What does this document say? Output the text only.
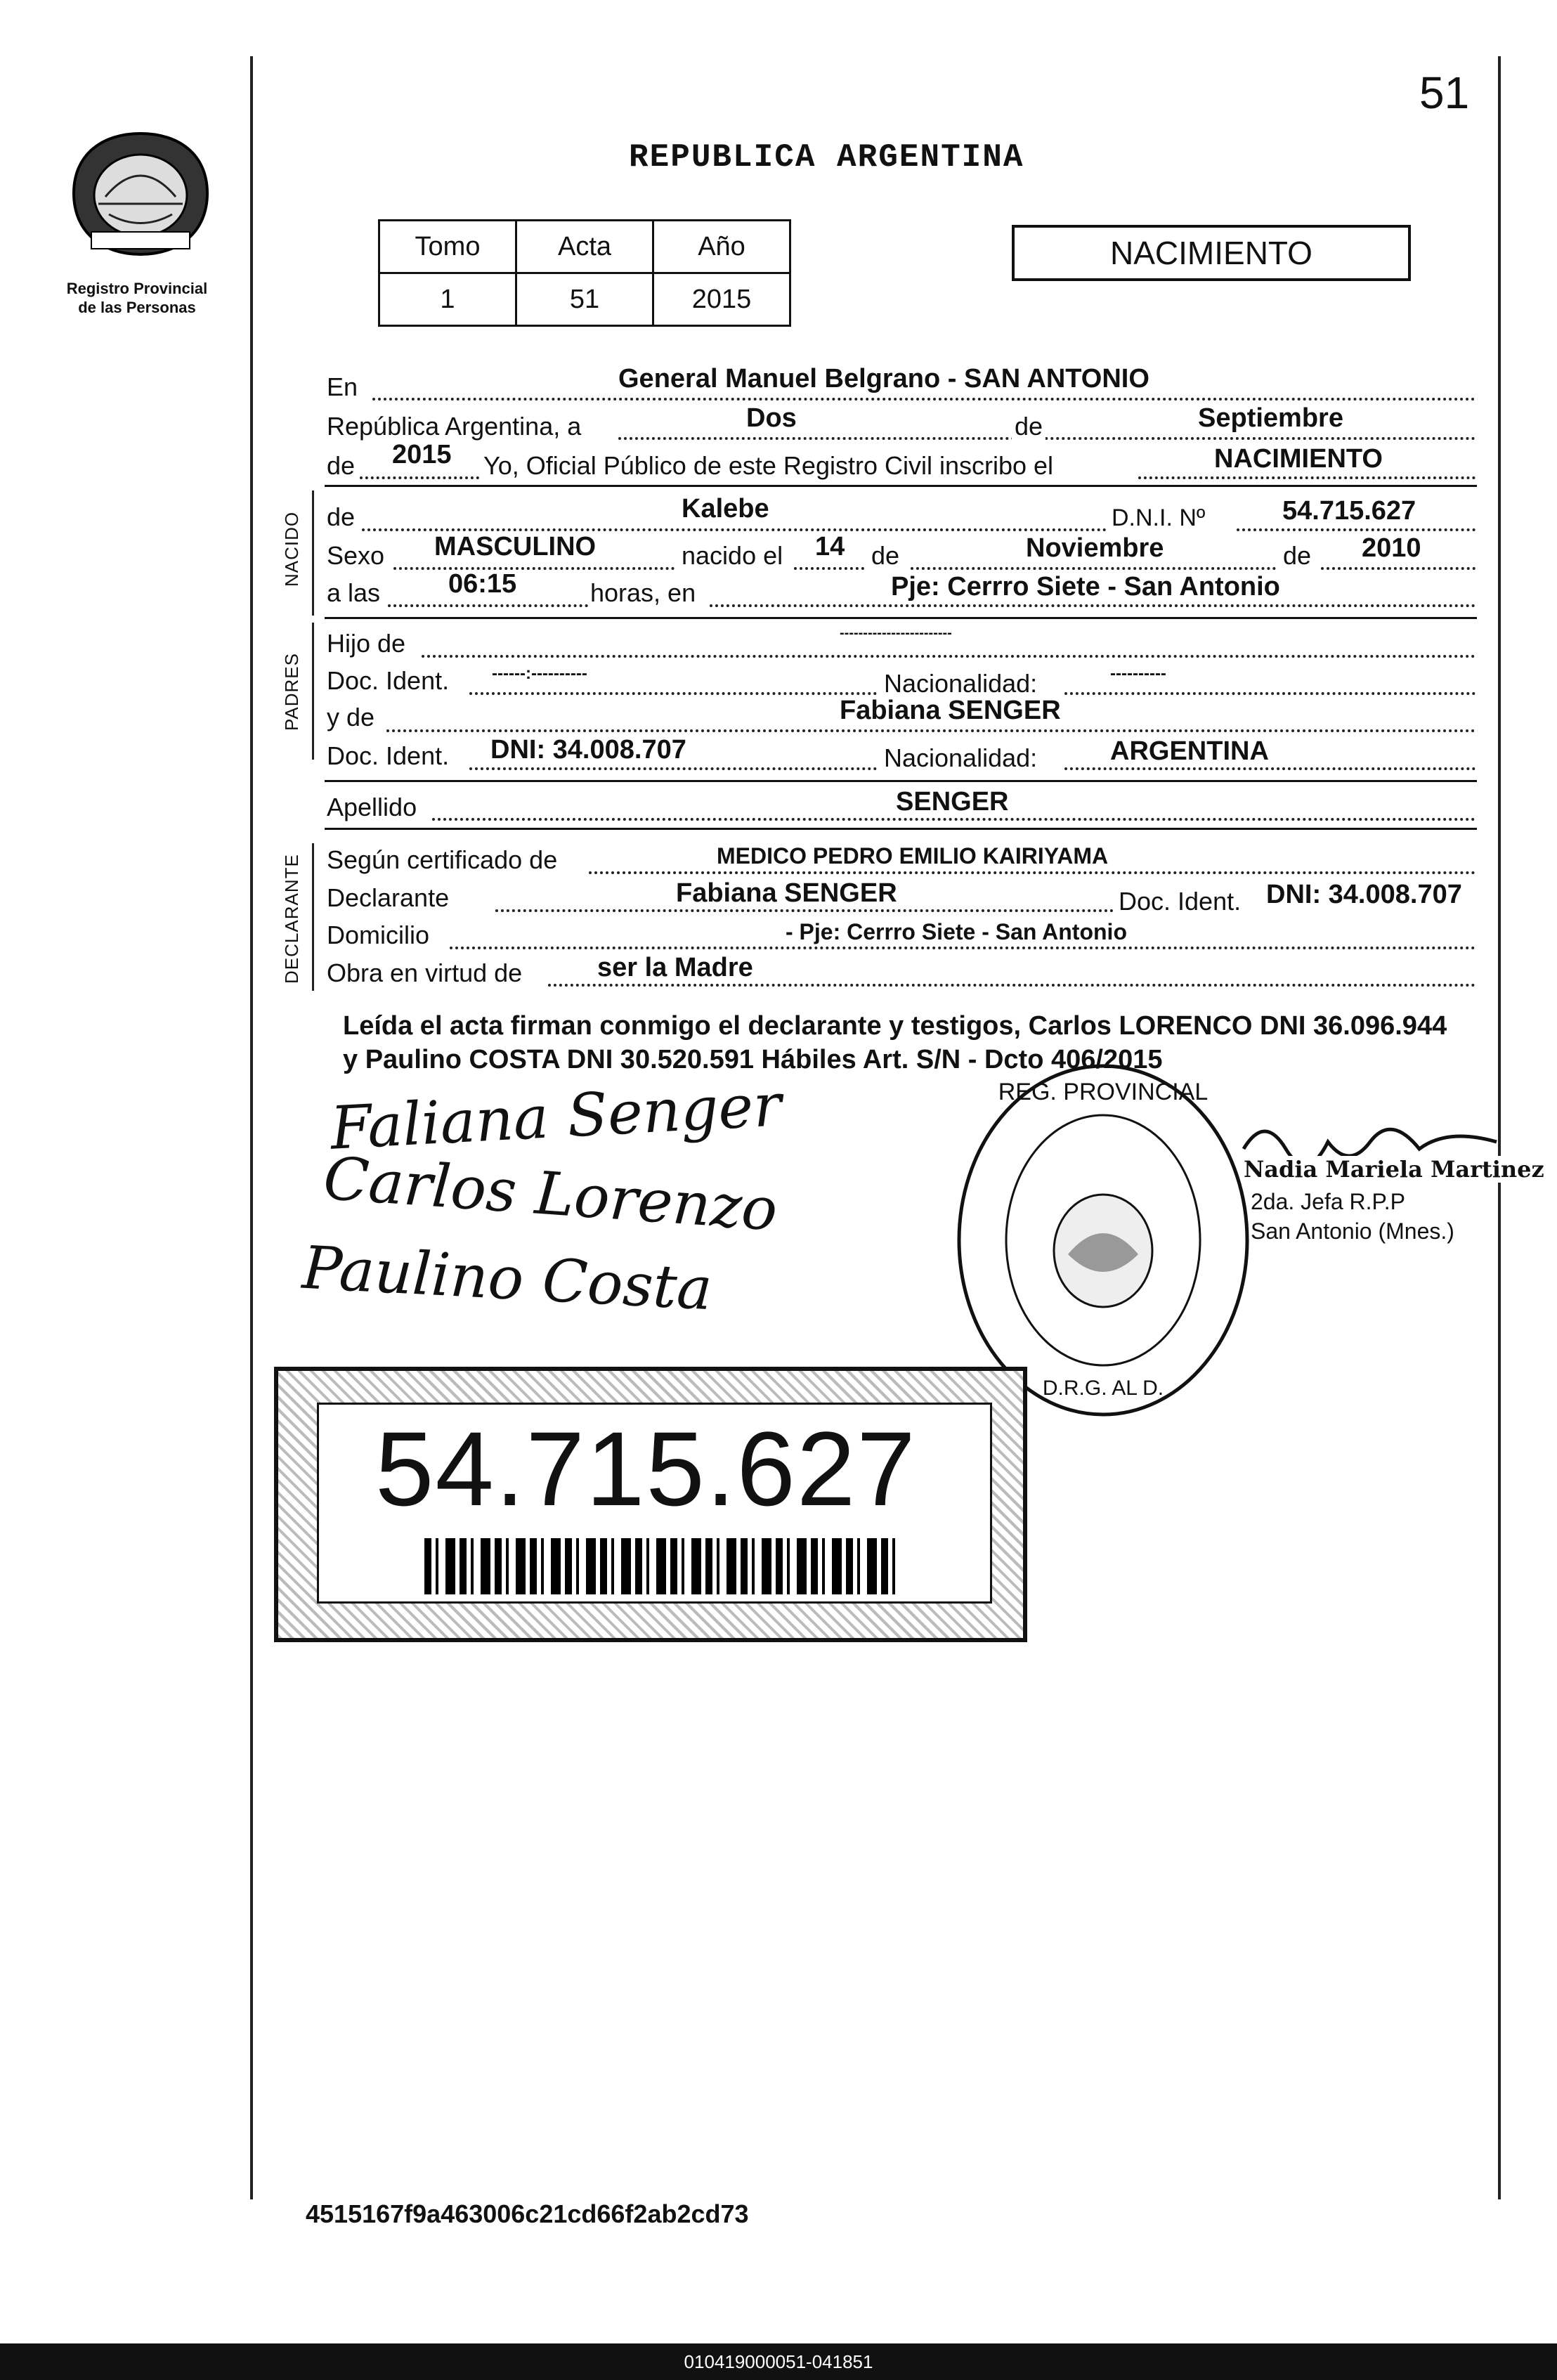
51
Registro Provincial
de las Personas
REPUBLICA ARGENTINA
Tomo	Acta	Año
1	51	2015
NACIMIENTO
En	General Manuel Belgrano - SAN ANTONIO
República Argentina, a	Dos	de	Septiembre
de 2015 Yo, Oficial Público de este Registro Civil inscribo el	NACIMIENTO
NACIDO de	Kalebe	D.N.I. Nº	54.715.627
Sexo MASCULINO	nacido el 14 de	Noviembre	de 2010
a las	06:15	horas, en	Pje: Cerrro Siete - San Antonio
PADRES
Hijo de	------------------------
Doc. Ident.	------:----------	Nacionalidad:	----------
y de	Fabiana SENGER
Doc. Ident. DNI: 34.008.707	Nacionalidad:	ARGENTINA
Apellido	SENGER
DECLARANTE Según certificado de	MEDICO PEDRO EMILIO KAIRIYAMA
Declarante	Fabiana SENGER	Doc. Ident. DNI: 34.008.707
Domicilio	- Pje: Cerrro Siete - San Antonio
Obra en virtud de	ser la Madre
Leída el acta firman conmigo el declarante y testigos, Carlos LORENCO DNI 36.096.944 y Paulino COSTA DNI 30.520.591 Hábiles Art. S/N - Dcto 406/2015
Faliana Senger
Carlos Lorenzo
Paulino Costa
REG. PROVINCIAL
D.R.G. AL D.
Nadia Mariela Martinez
2da. Jefa R.P.P
San Antonio (Mnes.)
54.715.627
4515167f9a463006c21cd66f2ab2cd73
010419000051-041851
